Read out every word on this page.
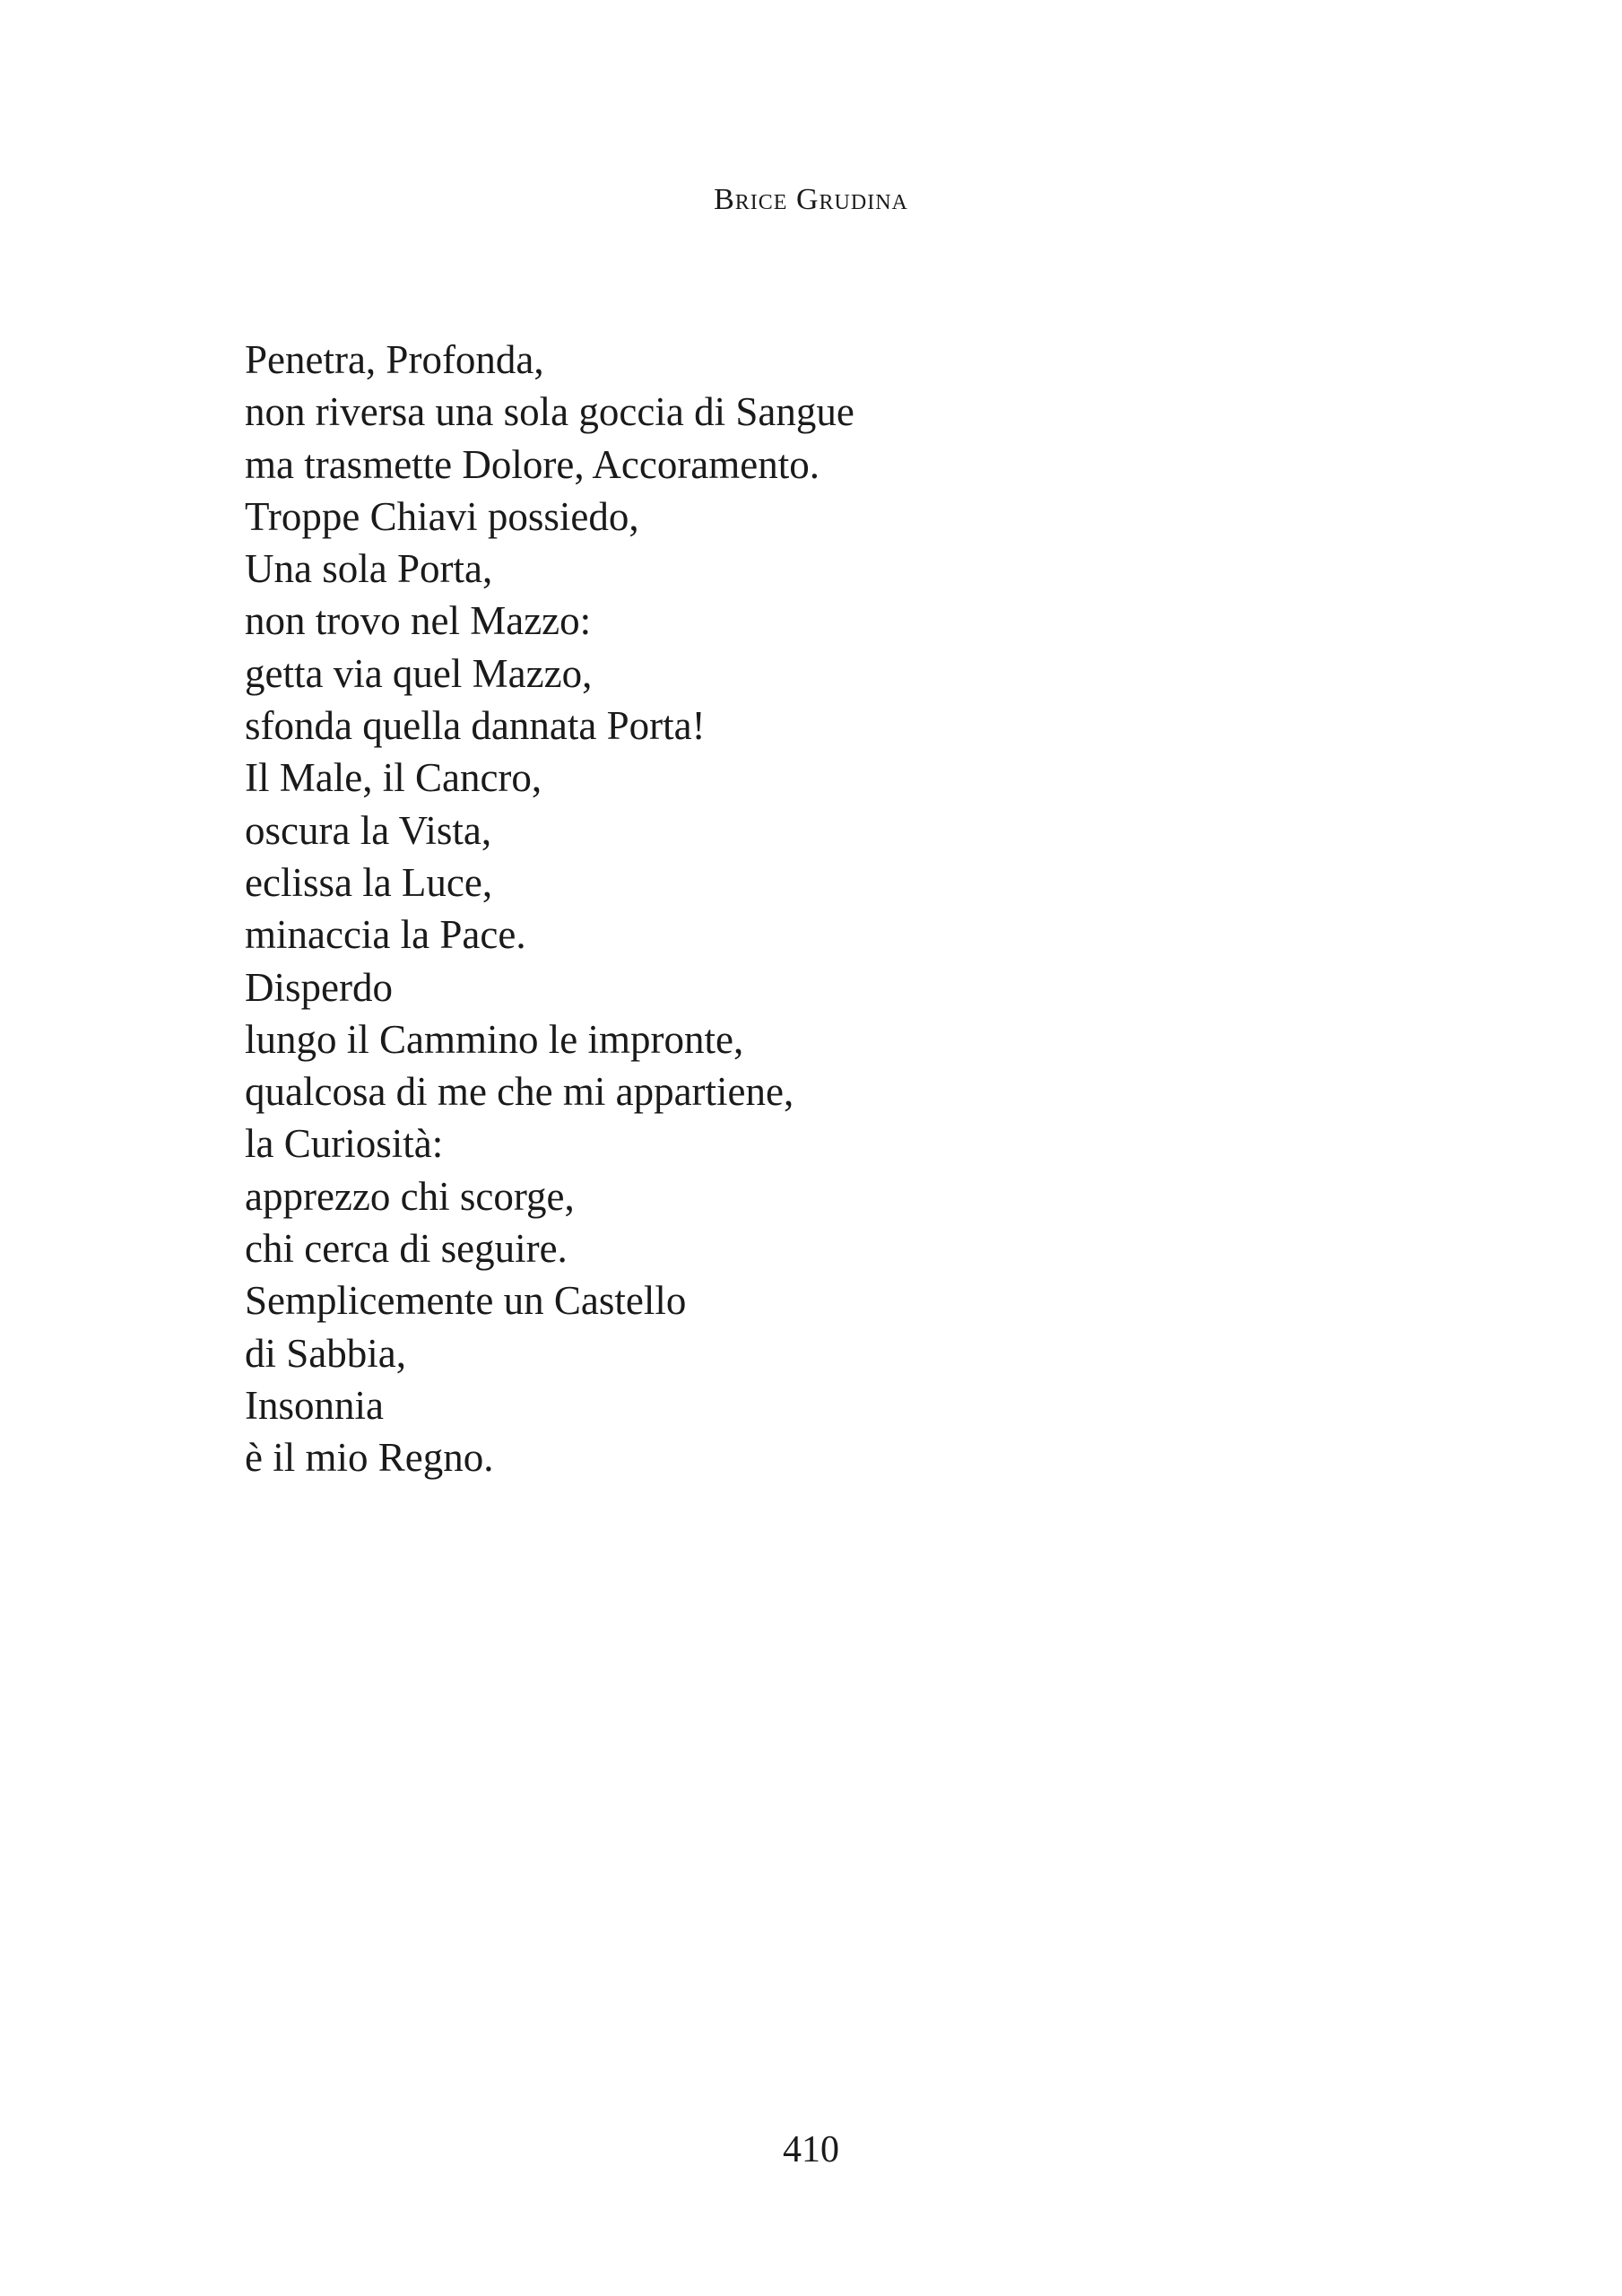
Brice Grudina
Penetra, Profonda,
non riversa una sola goccia di Sangue
ma trasmette Dolore, Accoramento.
Troppe Chiavi possiedo,
Una sola Porta,
non trovo nel Mazzo:
getta via quel Mazzo,
sfonda quella dannata Porta!
Il Male, il Cancro,
oscura la Vista,
eclissa la Luce,
minaccia la Pace.
Disperdo
lungo il Cammino le impronte,
qualcosa di me che mi appartiene,
la Curiosità:
apprezzo chi scorge,
chi cerca di seguire.
Semplicemente un Castello
di Sabbia,
Insonnia
è il mio Regno.
410
